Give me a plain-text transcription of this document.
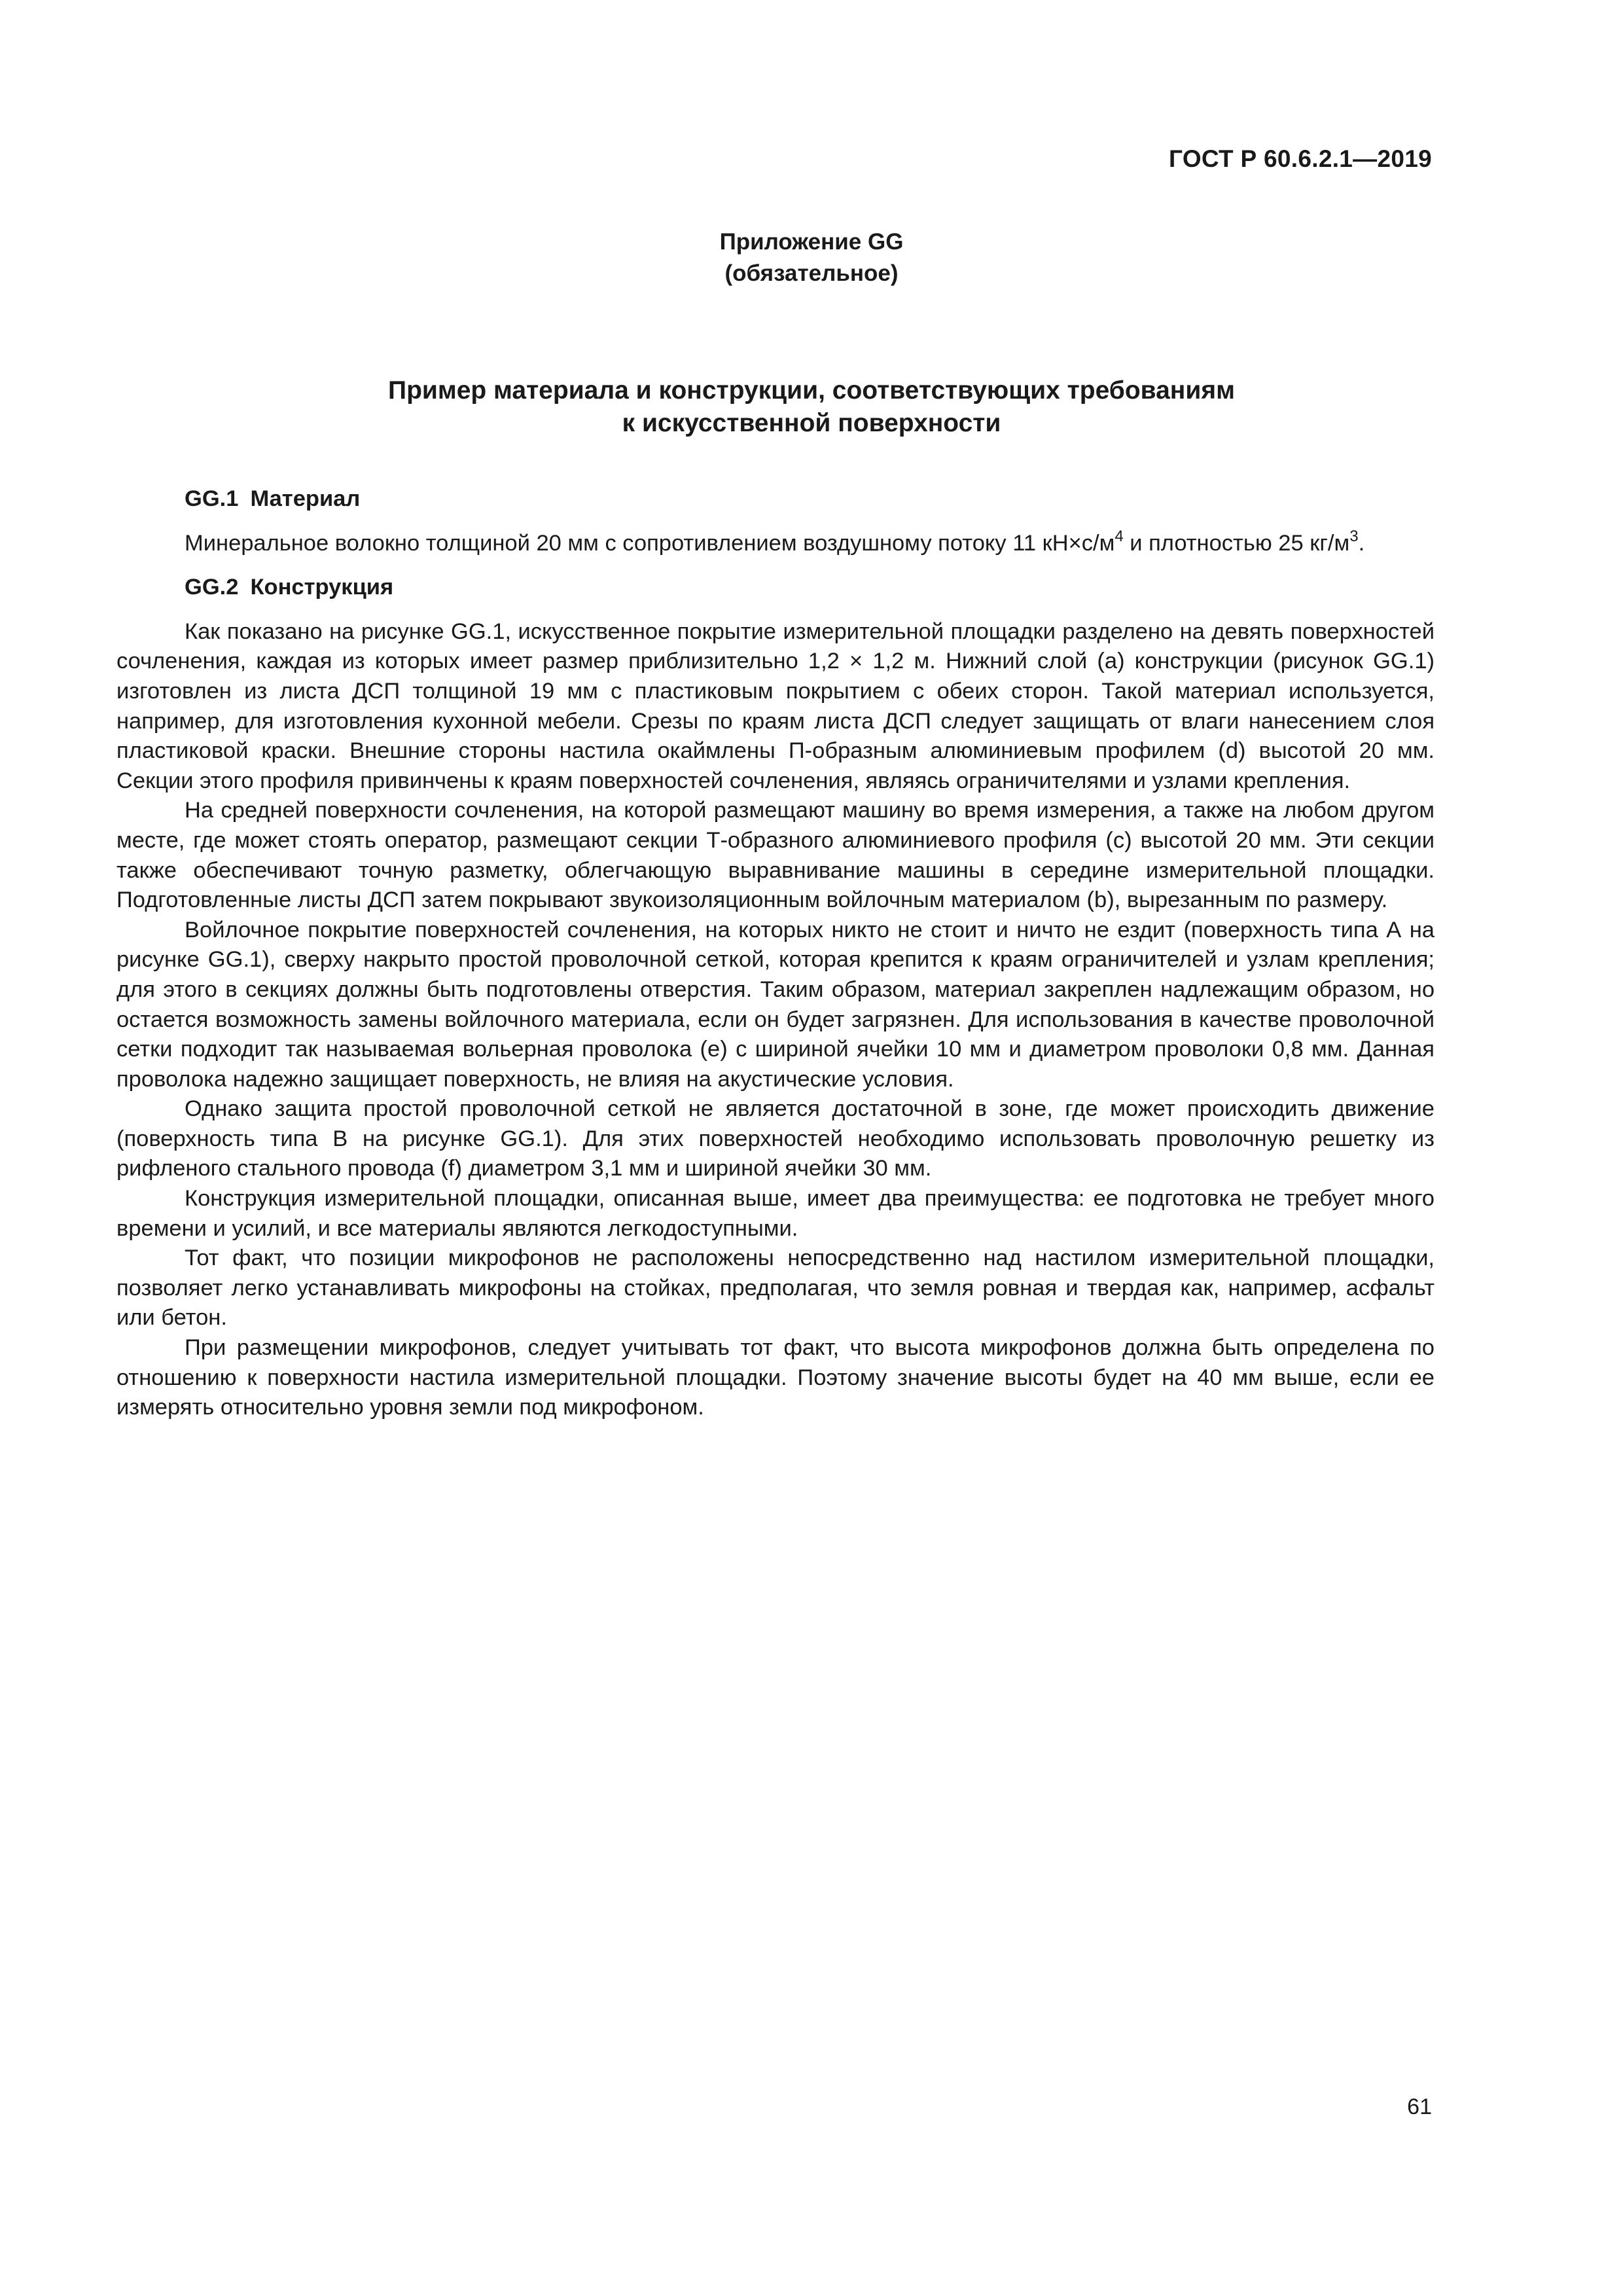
ГОСТ Р 60.6.2.1—2019
Приложение GG
(обязательное)
Пример материала и конструкции, соответствующих требованиям
к искусственной поверхности
GG.1 Материал

Минеральное волокно толщиной 20 мм с сопротивлением воздушному потоку 11 $кН\times с/м^4$ и плотностью 25 $кг/м^3$.

GG.2 Конструкция

Как показано на рисунке GG.1, искусственное покрытие измерительной площадки разделено на девять поверхностей сочленения, каждая из которых имеет размер приблизительно 1,2 × 1,2 м. Нижний слой (а) конструкции (рисунок GG.1) изготовлен из листа ДСП толщиной 19 мм с пластиковым покрытием с обеих сторон. Такой материал используется, например, для изготовления кухонной мебели. Срезы по краям листа ДСП следует защищать от влаги нанесением слоя пластиковой краски. Внешние стороны настила окаймлены П-образным алюминиевым профилем (d) высотой 20 мм. Секции этого профиля привинчены к краям поверхностей сочленения, являясь ограничителями и узлами крепления.

На средней поверхности сочленения, на которой размещают машину во время измерения, а также на любом другом месте, где может стоять оператор, размещают секции Т-образного алюминиевого профиля (с) высотой 20 мм. Эти секции также обеспечивают точную разметку, облегчающую выравнивание машины в середине измерительной площадки. Подготовленные листы ДСП затем покрывают звукоизоляционным войлочным материалом (b), вырезанным по размеру.

Войлочное покрытие поверхностей сочленения, на которых никто не стоит и ничто не ездит (поверхность типа А на рисунке GG.1), сверху накрыто простой проволочной сеткой, которая крепится к краям ограничителей и узлам крепления; для этого в секциях должны быть подготовлены отверстия. Таким образом, материал закреплен надлежащим образом, но остается возможность замены войлочного материала, если он будет загрязнен. Для использования в качестве проволочной сетки подходит так называемая вольерная проволока (е) с шириной ячейки 10 мм и диаметром проволоки 0,8 мм. Данная проволока надежно защищает поверхность, не влияя на акустические условия.

Однако защита простой проволочной сеткой не является достаточной в зоне, где может происходить движение (поверхность типа В на рисунке GG.1). Для этих поверхностей необходимо использовать проволочную решетку из рифленого стального провода (f) диаметром 3,1 мм и шириной ячейки 30 мм.

Конструкция измерительной площадки, описанная выше, имеет два преимущества: ее подготовка не требует много времени и усилий, и все материалы являются легкодоступными.

Тот факт, что позиции микрофонов не расположены непосредственно над настилом измерительной площадки, позволяет легко устанавливать микрофоны на стойках, предполагая, что земля ровная и твердая как, например, асфальт или бетон.

При размещении микрофонов, следует учитывать тот факт, что высота микрофонов должна быть определена по отношению к поверхности настила измерительной площадки. Поэтому значение высоты будет на 40 мм выше, если ее измерять относительно уровня земли под микрофоном.

61
